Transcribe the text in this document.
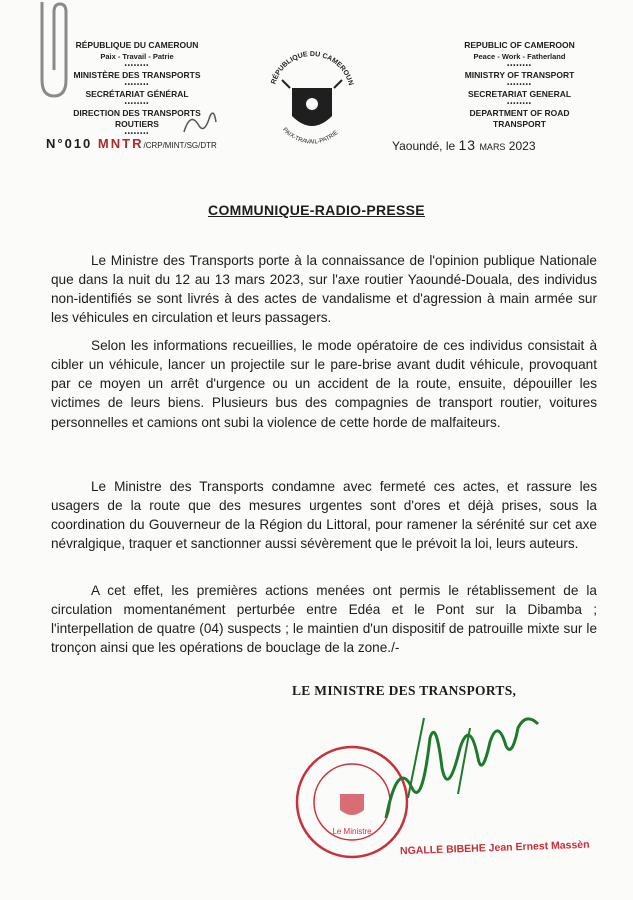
RÉPUBLIQUE DU CAMEROUN
Paix - Travail - Patrie
••••••••
MINISTÈRE DES TRANSPORTS
••••••••
SECRÉTARIAT GÉNÉRAL
••••••••
DIRECTION DES TRANSPORTS ROUTIERS
••••••••
RÉPUBLIQUE DU CAMEROUN
PAIX-TRAVAIL-PATRIE
REPUBLIC OF CAMEROON
Peace - Work - Fatherland
••••••••
MINISTRY OF TRANSPORT
••••••••
SECRETARIAT GENERAL
••••••••
DEPARTMENT OF ROAD TRANSPORT
N°010 MNTR/CRP/MINT/SG/DTR	Yaoundé, le 13 MARS 2023
COMMUNIQUE-RADIO-PRESSE

Le Ministre des Transports porte à la connaissance de l'opinion publique Nationale que dans la nuit du 12 au 13 mars 2023, sur l'axe routier Yaoundé-Douala, des individus non-identifiés se sont livrés à des actes de vandalisme et d'agression à main armée sur les véhicules en circulation et leurs passagers.

Selon les informations recueillies, le mode opératoire de ces individus consistait à cibler un véhicule, lancer un projectile sur le pare-brise avant dudit véhicule, provoquant par ce moyen un arrêt d'urgence ou un accident de la route, ensuite, dépouiller les victimes de leurs biens. Plusieurs bus des compagnies de transport routier, voitures personnelles et camions ont subi la violence de cette horde de malfaiteurs.

Le Ministre des Transports condamne avec fermeté ces actes, et rassure les usagers de la route que des mesures urgentes sont d'ores et déjà prises, sous la coordination du Gouverneur de la Région du Littoral, pour ramener la sérénité sur cet axe névralgique, traquer et sanctionner aussi sévèrement que le prévoit la loi, leurs auteurs.

A cet effet, les premières actions menées ont permis le rétablissement de la circulation momentanément perturbée entre Edéa et le Pont sur la Dibamba ; l'interpellation de quatre (04) suspects ; le maintien d'un dispositif de patrouille mixte sur le tronçon ainsi que les opérations de bouclage de la zone./-

LE MINISTRE DES TRANSPORTS,
Le Ministre
NGALLE BIBEHE Jean Ernest Massèn
